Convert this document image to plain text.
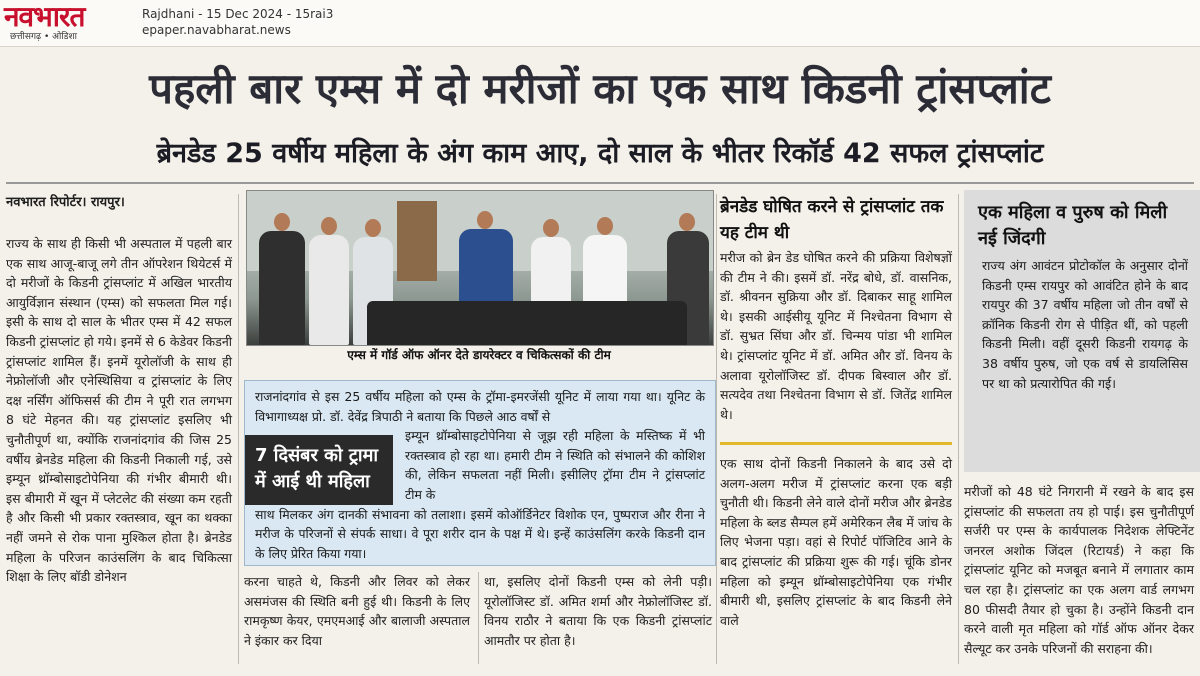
नवभारत
छत्तीसगढ़ • ओडिशा
Rajdhani - 15 Dec 2024 - 15rai3
epaper.navabharat.news
पहली बार एम्स में दो मरीजों का एक साथ किडनी ट्रांसप्लांट
ब्रेनडेड 25 वर्षीय महिला के अंग काम आए, दो साल के भीतर रिकॉर्ड 42 सफल ट्रांसप्लांट
नवभारत रिपोर्टर। रायपुर।
राज्य के साथ ही किसी भी अस्पताल में पहली बार एक साथ आजू-बाजू लगे तीन ऑपरेशन थियेटर्स में दो मरीजों के किडनी ट्रांसप्लांट में अखिल भारतीय आयुर्विज्ञान संस्थान (एम्स) को सफलता मिल गई। इसी के साथ दो साल के भीतर एम्स में 42 सफल किडनी ट्रांसप्लांट हो गये। इनमें से 6 केडेवर किडनी ट्रांसप्लांट शामिल हैं। इनमें यूरोलॉजी के साथ ही नेफ्रोलॉजी और एनेस्थिसिया व ट्रांसप्लांट के लिए दक्ष नर्सिंग ऑफिसर्स की टीम ने पूरी रात लगभग 8 घंटे मेहनत की। यह ट्रांसप्लांट इसलिए भी चुनौतीपूर्ण था, क्योंकि राजनांदगांव की जिस 25 वर्षीय ब्रेनडेड महिला की किडनी निकाली गई, उसे इम्यून थ्रॉम्बोसाइटोपेनिया की गंभीर बीमारी थी। इस बीमारी में खून में प्लेटलेट की संख्या कम रहती है और किसी भी प्रकार रक्तस्त्राव, खून का थक्का नहीं जमने से रोक पाना मुश्किल होता है। ब्रेनडेड महिला के परिजन काउंसलिंग के बाद चिकित्सा शिक्षा के लिए बॉडी डोनेशन
एम्स में गॉर्ड ऑफ ऑनर देते डायरेक्टर व चिकित्सकों की टीम
राजनांदगांव से इस 25 वर्षीय महिला को एम्स के ट्रॉमा-इमरजेंसी यूनिट में लाया गया था। यूनिट के विभागाध्यक्ष प्रो. डॉ. देवेंद्र त्रिपाठी ने बताया कि पिछले आठ वर्षों से
इम्यून थ्रॉम्बोसाइटोपेनिया से जूझ रही महिला के मस्तिष्क में भी रक्तस्त्राव हो रहा था। हमारी टीम ने स्थिति को संभालने की कोशिश की, लेकिन सफलता नहीं मिली। इसीलिए ट्रॉमा टीम ने ट्रांसप्लांट टीम के
साथ मिलकर अंग दानकी संभावना को तलाशा। इसमें कोऑर्डिनेटर विशोक एन, पुष्पराज और रीना ने मरीज के परिजनों से संपर्क साधा। वे पूरा शरीर दान के पक्ष में थे। इन्हें काउंसलिंग करके किडनी दान के लिए प्रेरित किया गया।
7 दिसंबर को ट्रामा
में आई थी महिला
करना चाहते थे, किडनी और लिवर को लेकर असमंजस की स्थिति बनी हुई थी। किडनी के लिए रामकृष्ण केयर, एमएमआई और बालाजी अस्पताल ने इंकार कर दिया
था, इसलिए दोनों किडनी एम्स को लेनी पड़ी। यूरोलॉजिस्ट डॉ. अमित शर्मा और नेफ्रोलॉजिस्ट डॉ. विनय राठौर ने बताया कि एक किडनी ट्रांसप्लांट आमतौर पर होता है।
ब्रेनडेड घोषित करने से ट्रांसप्लांट तक यह टीम थी
मरीज को ब्रेन डेड घोषित करने की प्रक्रिया विशेषज्ञों की टीम ने की। इसमें डॉ. नरेंद्र बोधे, डॉ. वासनिक, डॉ. श्रीवनन सुक्रिया और डॉ. दिबाकर साहू शामिल थे। इसकी आईसीयू यूनिट में निश्चेतना विभाग से डॉ. सुभ्रत सिंघा और डॉ. चिन्मय पांडा भी शामिल थे। ट्रांसप्लांट यूनिट में डॉ. अमित और डॉ. विनय के अलावा यूरोलॉजिस्ट डॉ. दीपक बिस्वाल और डॉ. सत्यदेव तथा निश्चेतना विभाग से डॉ. जितेंद्र शामिल थे।
एक साथ दोनों किडनी निकालने के बाद उसे दो अलग-अलग मरीज में ट्रांसप्लांट करना एक बड़ी चुनौती थी। किडनी लेने वाले दोनों मरीज और ब्रेनडेड महिला के ब्लड सैम्पल हमें अमेरिकन लैब में जांच के लिए भेजना पड़ा। वहां से रिपोर्ट पॉजिटिव आने के बाद ट्रांसप्लांट की प्रक्रिया शुरू की गई। चूंकि डोनर महिला को इम्यून थ्रॉम्बोसाइटोपेनिया एक गंभीर बीमारी थी, इसलिए ट्रांसप्लांट के बाद किडनी लेने वाले
एक महिला व पुरुष को मिली नई जिंदगी
राज्य अंग आवंटन प्रोटोकॉल के अनुसार दोनों किडनी एम्स रायपुर को आवंटित होने के बाद रायपुर की 37 वर्षीय महिला जो तीन वर्षों से क्रॉनिक किडनी रोग से पीड़ित थीं, को पहली किडनी मिली। वहीं दूसरी किडनी रायगढ़ के 38 वर्षीय पुरुष, जो एक वर्ष से डायलिसिस पर था को प्रत्यारोपित की गई।
मरीजों को 48 घंटे निगरानी में रखने के बाद इस ट्रांसप्लांट की सफलता तय हो पाई। इस चुनौतीपूर्ण सर्जरी पर एम्स के कार्यपालक निदेशक लेफ्टिनेंट जनरल अशोक जिंदल (रिटायर्ड) ने कहा कि ट्रांसप्लांट यूनिट को मजबूत बनाने में लगातार काम चल रहा है। ट्रांसप्लांट का एक अलग वार्ड लगभग 80 फीसदी तैयार हो चुका है। उन्होंने किडनी दान करने वाली मृत महिला को गॉर्ड ऑफ ऑनर देकर सैल्यूट कर उनके परिजनों की सराहना की।
